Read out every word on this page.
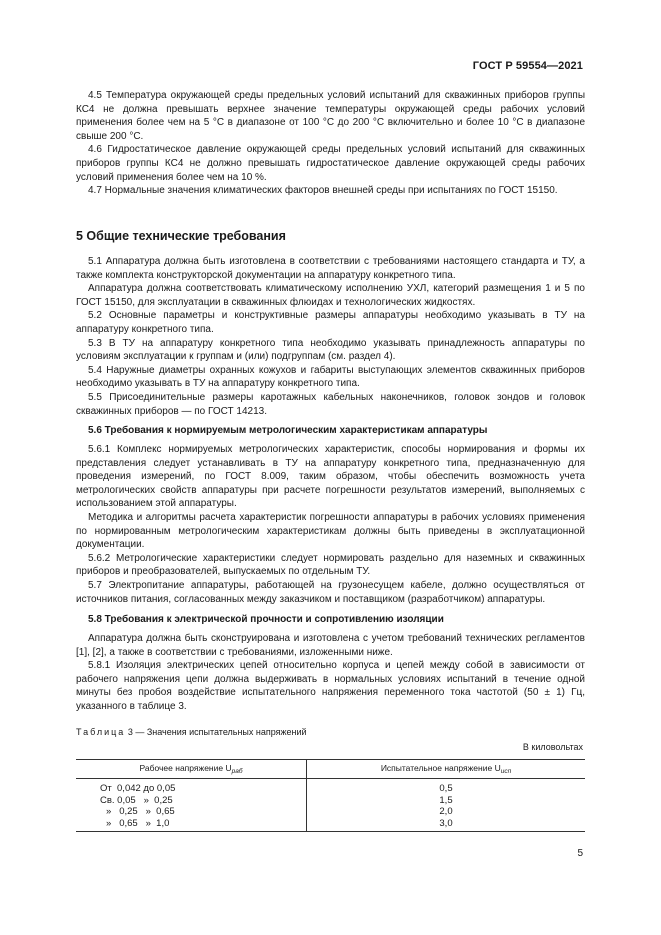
ГОСТ Р 59554—2021

4.5 Температура окружающей среды предельных условий испытаний для скважинных приборов группы КС4 не должна превышать верхнее значение температуры окружающей среды рабочих условий применения более чем на 5 °С в диапазоне от 100 °С до 200 °С включительно и более 10 °С в диапазоне свыше 200 °С.

4.6 Гидростатическое давление окружающей среды предельных условий испытаний для скважинных приборов группы КС4 не должно превышать гидростатическое давление окружающей среды рабочих условий применения более чем на 10 %.

4.7 Нормальные значения климатических факторов внешней среды при испытаниях по ГОСТ 15150.

5 Общие технические требования

5.1 Аппаратура должна быть изготовлена в соответствии с требованиями настоящего стандарта и ТУ, а также комплекта конструкторской документации на аппаратуру конкретного типа.

Аппаратура должна соответствовать климатическому исполнению УХЛ, категорий размещения 1 и 5 по ГОСТ 15150, для эксплуатации в скважинных флюидах и технологических жидкостях.

5.2 Основные параметры и конструктивные размеры аппаратуры необходимо указывать в ТУ на аппаратуру конкретного типа.

5.3 В ТУ на аппаратуру конкретного типа необходимо указывать принадлежность аппаратуры по условиям эксплуатации к группам и (или) подгруппам (см. раздел 4).

5.4 Наружные диаметры охранных кожухов и габариты выступающих элементов скважинных приборов необходимо указывать в ТУ на аппаратуру конкретного типа.

5.5 Присоединительные размеры каротажных кабельных наконечников, головок зондов и головок скважинных приборов — по ГОСТ 14213.

5.6 Требования к нормируемым метрологическим характеристикам аппаратуры

5.6.1 Комплекс нормируемых метрологических характеристик, способы нормирования и формы их представления следует устанавливать в ТУ на аппаратуру конкретного типа, предназначенную для проведения измерений, по ГОСТ 8.009, таким образом, чтобы обеспечить возможность учета метрологических свойств аппаратуры при расчете погрешности результатов измерений, выполняемых с использованием этой аппаратуры.

Методика и алгоритмы расчета характеристик погрешности аппаратуры в рабочих условиях применения по нормированным метрологическим характеристикам должны быть приведены в эксплуатационной документации.

5.6.2 Метрологические характеристики следует нормировать раздельно для наземных и скважинных приборов и преобразователей, выпускаемых по отдельным ТУ.

5.7 Электропитание аппаратуры, работающей на грузонесущем кабеле, должно осуществляться от источников питания, согласованных между заказчиком и поставщиком (разработчиком) аппаратуры.

5.8 Требования к электрической прочности и сопротивлению изоляции

Аппаратура должна быть сконструирована и изготовлена с учетом требований технических регламентов [1], [2], а также в соответствии с требованиями, изложенными ниже.

5.8.1 Изоляция электрических цепей относительно корпуса и цепей между собой в зависимости от рабочего напряжения цепи должна выдерживать в нормальных условиях испытаний в течение одной минуты без пробоя воздействие испытательного напряжения переменного тока частотой (50 ± 1) Гц, указанного в таблице 3.

Таблица 3 — Значения испытательных напряжений
В киловольтах
Рабочее напряжение $U_{раб}$	Испытательное напряжение $U_{исп}$
От  0,042 до 0,05	0,5
Св. 0,05   »  0,25	1,5
»   0,25   »  0,65	2,0
»   0,65   »  1,0	3,0
5
